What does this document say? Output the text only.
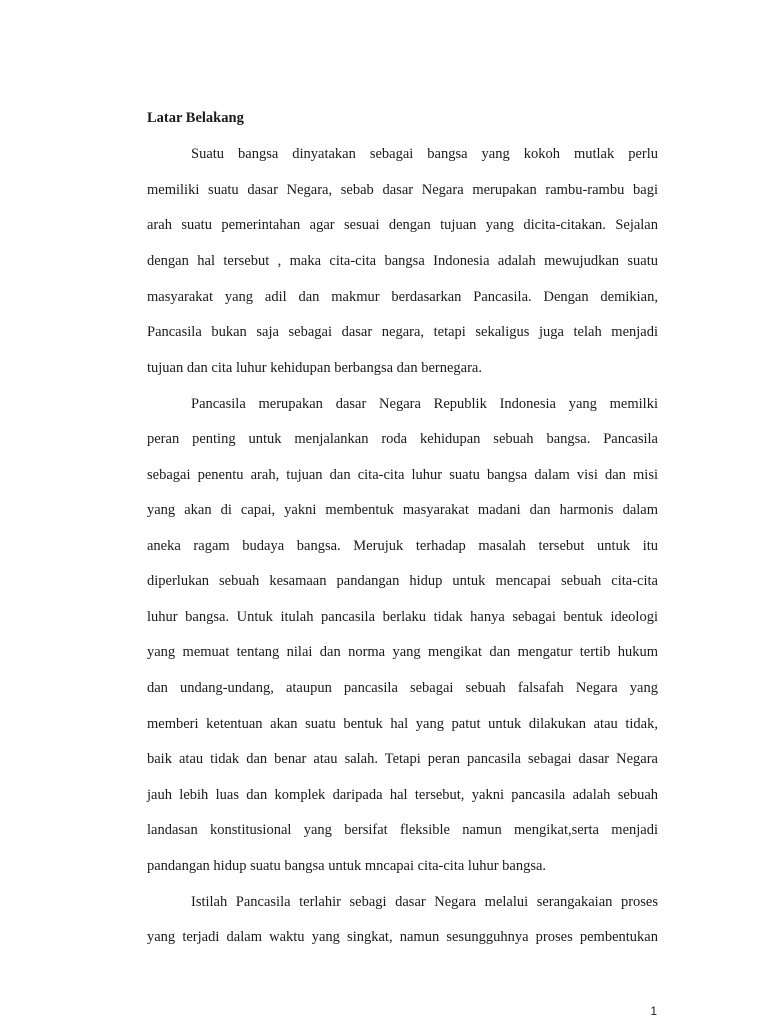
Latar Belakang

Suatu bangsa dinyatakan sebagai bangsa yang kokoh mutlak perlu

memiliki suatu dasar Negara, sebab dasar Negara merupakan rambu-rambu bagi

arah suatu pemerintahan agar sesuai dengan tujuan yang dicita-citakan. Sejalan

dengan hal tersebut , maka cita-cita bangsa Indonesia adalah mewujudkan suatu

masyarakat yang adil dan makmur berdasarkan Pancasila. Dengan demikian,

Pancasila bukan saja sebagai dasar negara, tetapi sekaligus juga telah menjadi

tujuan dan cita luhur kehidupan berbangsa dan bernegara.

Pancasila merupakan dasar Negara Republik Indonesia yang memilki

peran penting untuk menjalankan roda kehidupan sebuah bangsa. Pancasila

sebagai penentu arah, tujuan dan cita-cita luhur suatu bangsa dalam visi dan misi

yang akan di capai, yakni membentuk masyarakat madani dan harmonis dalam

aneka ragam budaya bangsa. Merujuk terhadap masalah tersebut untuk itu

diperlukan sebuah kesamaan pandangan hidup untuk mencapai sebuah cita-cita

luhur bangsa. Untuk itulah pancasila berlaku tidak hanya sebagai bentuk ideologi

yang memuat tentang nilai dan norma yang mengikat dan mengatur tertib hukum

dan undang-undang, ataupun pancasila sebagai sebuah falsafah Negara yang

memberi ketentuan akan suatu bentuk hal yang patut untuk dilakukan atau tidak,

baik atau tidak dan benar atau salah. Tetapi peran pancasila sebagai dasar Negara

jauh lebih luas dan komplek daripada hal tersebut, yakni pancasila adalah sebuah

landasan konstitusional yang bersifat fleksible namun mengikat,serta menjadi

pandangan hidup suatu bangsa untuk mncapai cita-cita luhur bangsa.

Istilah Pancasila terlahir sebagi dasar Negara melalui serangakaian proses

yang terjadi dalam waktu yang singkat, namun sesungguhnya proses pembentukan

1
